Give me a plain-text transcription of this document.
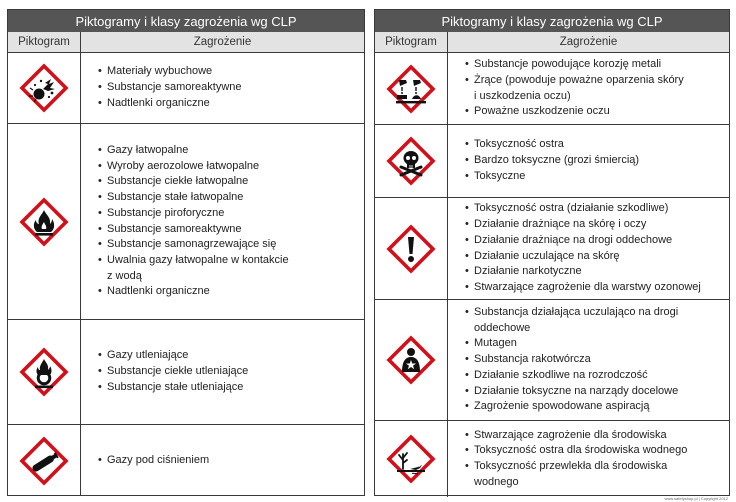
Piktogramy i klasy zagrożenia wg CLP
Piktogram	Zagrożenie
• Materiały wybuchowe
• Substancje samoreaktywne
• Nadtlenki organiczne
• Gazy łatwopalne
• Wyroby aerozolowe łatwopalne
• Substancje ciekłe łatwopalne
• Substancje stałe łatwopalne
• Substancje piroforyczne
• Substancje samoreaktywne
• Substancje samonagrzewające się
• Uwalnia gazy łatwopalne w kontakcie
z wodą
• Nadtlenki organiczne
• Gazy utleniające
• Substancje ciekłe utleniające
• Substancje stałe utleniające
• Gazy pod ciśnieniem
Piktogramy i klasy zagrożenia wg CLP
Piktogram	Zagrożenie
• Substancje powodujące korozję metali
• Żrące (powoduje poważne oparzenia skóry
i uszkodzenia oczu)
• Poważne uszkodzenie oczu
• Toksyczność ostra
• Bardzo toksyczne (grozi śmiercią)
• Toksyczne
• Toksyczność ostra (działanie szkodliwe)
• Działanie drażniące na skórę i oczy
• Działanie drażniące na drogi oddechowe
• Działanie uczulające na skórę
• Działanie narkotyczne
• Stwarzające zagrożenie dla warstwy ozonowej
• Substancja działająca uczulająco na drogi
oddechowe
• Mutagen
• Substancja rakotwórcza
• Działanie szkodliwe na rozrodczość
• Działanie toksyczne na narządy docelowe
• Zagrożenie spowodowane aspiracją
• Stwarzające zagrożenie dla środowiska
• Toksyczność ostra dla środowiska wodnego
• Toksyczność przewlekła dla środowiska
wodnego
www.safetyshop.pl | Copyright 2012
